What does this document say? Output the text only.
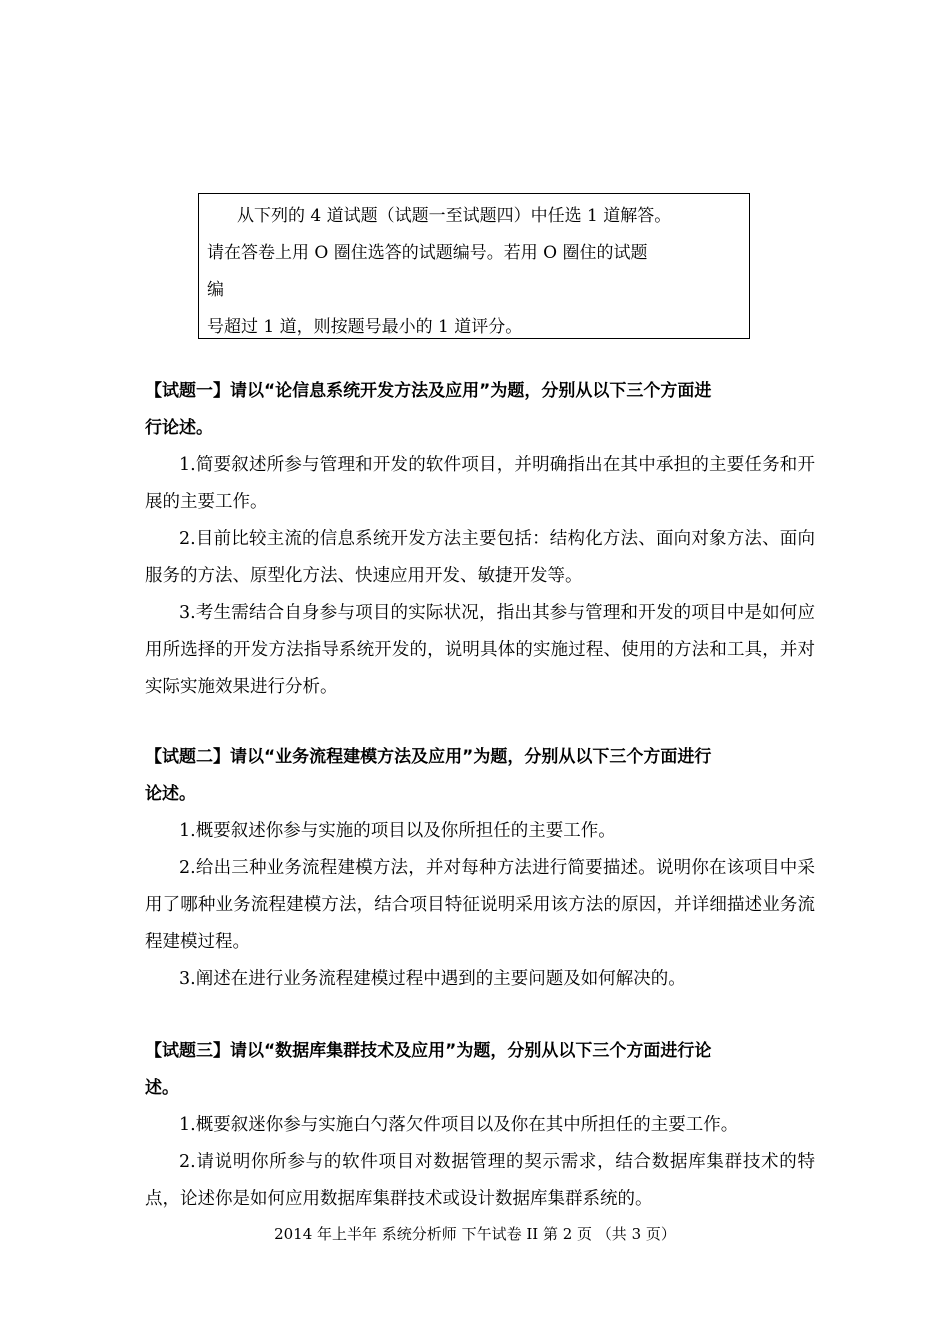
从下列的 4 道试题（试题一至试题四）中任选 1 道解答。
请在答卷上用 O 圈住选答的试题编号。若用 O 圈住的试题
编
号超过 1 道，则按题号最小的 1 道评分。

【试题一】请以“论信息系统开发方法及应用”为题，分别从以下三个方面进
行论述。

1.简要叙述所参与管理和开发的软件项目，并明确指出在其中承担的主要任务和开展的主要工作。

2.目前比较主流的信息系统开发方法主要包括：结构化方法、面向对象方法、面向服务的方法、原型化方法、快速应用开发、敏捷开发等。

3.考生需结合自身参与项目的实际状况，指出其参与管理和开发的项目中是如何应用所选择的开发方法指导系统开发的，说明具体的实施过程、使用的方法和工具，并对实际实施效果进行分析。

【试题二】请以“业务流程建模方法及应用”为题，分别从以下三个方面进行
论述。

1.概要叙述你参与实施的项目以及你所担任的主要工作。

2.给出三种业务流程建模方法，并对每种方法进行简要描述。说明你在该项目中采用了哪种业务流程建模方法，结合项目特征说明采用该方法的原因，并详细描述业务流程建模过程。

3.阐述在进行业务流程建模过程中遇到的主要问题及如何解决的。

【试题三】请以“数据库集群技术及应用”为题，分别从以下三个方面进行论
述。

1.概要叙迷你参与实施白勺落欠件项目以及你在其中所担任的主要工作。

2.请说明你所参与的软件项目对数据管理的契示需求，结合数据库集群技术的特点，论述你是如何应用数据库集群技术或设计数据库集群系统的。

2014 年上半年 系统分析师 下午试卷 II 第 2 页 （共 3 页）
